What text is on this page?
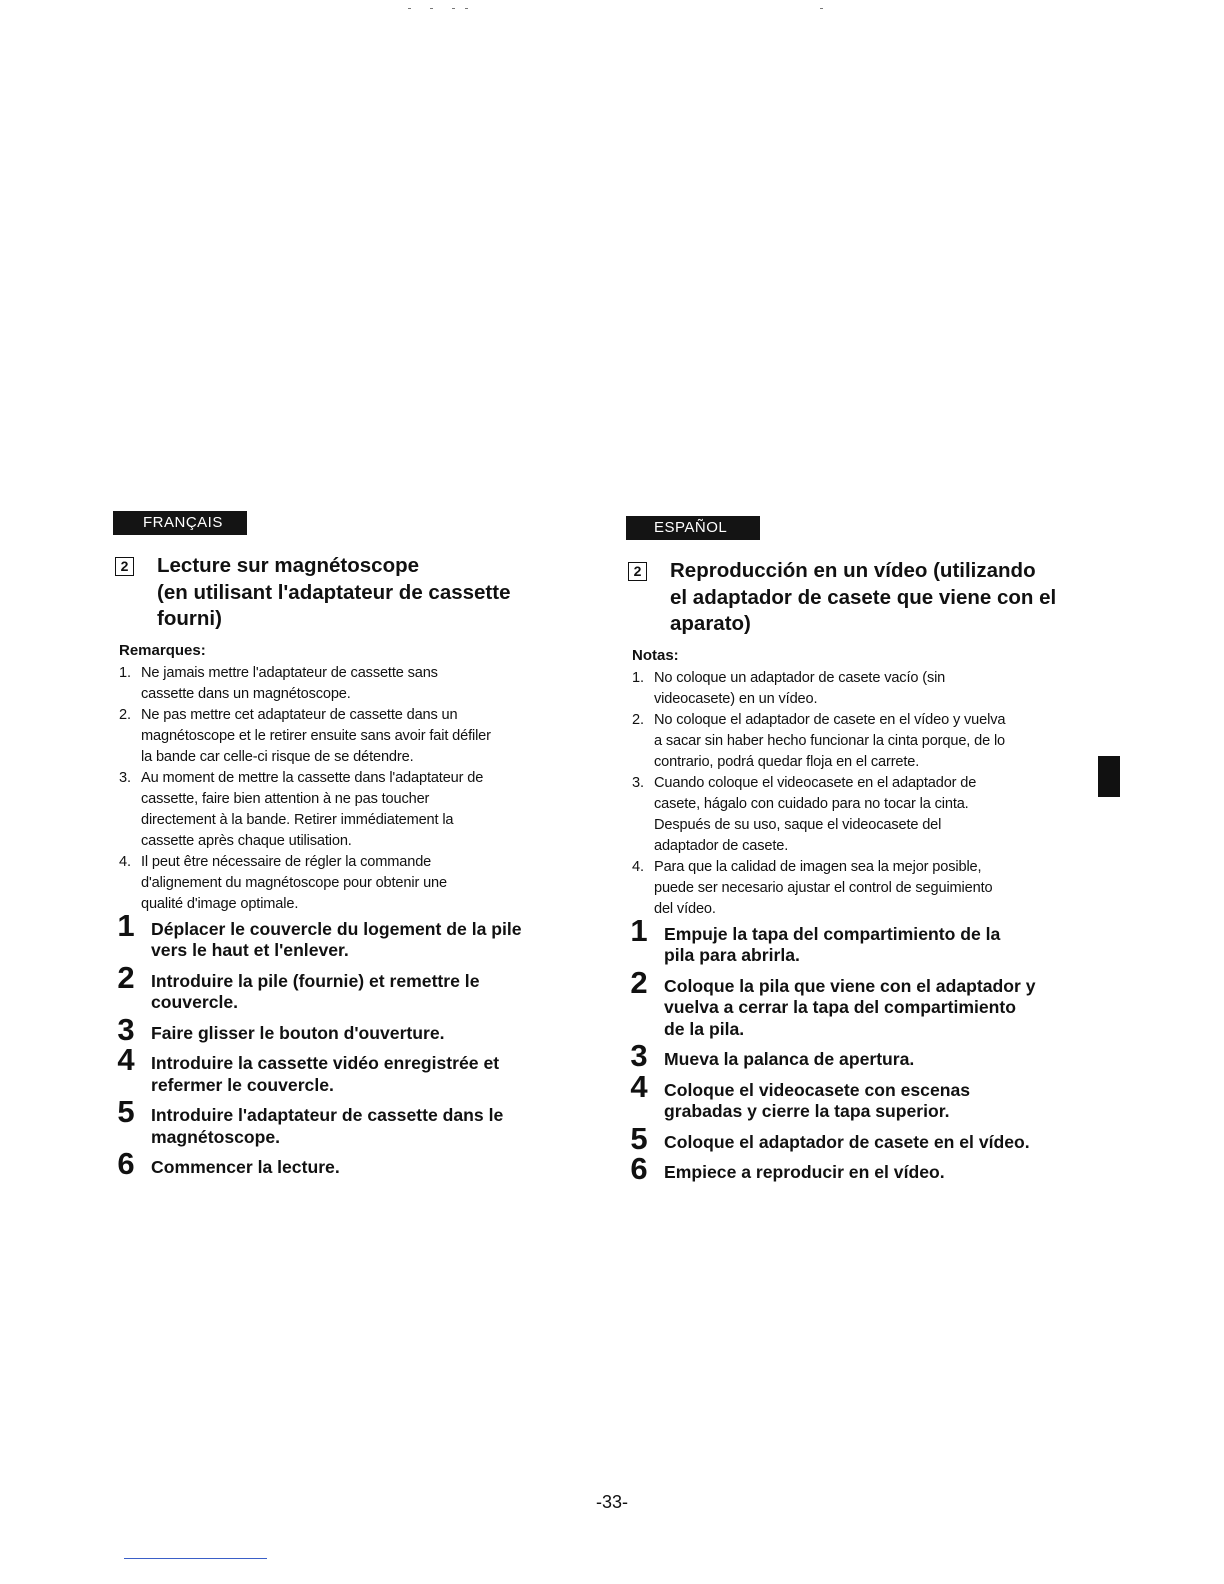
FRANÇAIS
2 Lecture sur magnétoscope
(en utilisant l'adaptateur de cassette
fourni)
Remarques:
1. Ne jamais mettre l'adaptateur de cassette sans
cassette dans un magnétoscope.
2. Ne pas mettre cet adaptateur de cassette dans un
magnétoscope et le retirer ensuite sans avoir fait défiler
la bande car celle-ci risque de se détendre.
3. Au moment de mettre la cassette dans l'adaptateur de
cassette, faire bien attention à ne pas toucher
directement à la bande. Retirer immédiatement la
cassette après chaque utilisation.
4. Il peut être nécessaire de régler la commande
d'alignement du magnétoscope pour obtenir une
qualité d'image optimale.
1 Déplacer le couvercle du logement de la pile
vers le haut et l'enlever.
2 Introduire la pile (fournie) et remettre le
couvercle.
3 Faire glisser le bouton d'ouverture.
4 Introduire la cassette vidéo enregistrée et
refermer le couvercle.
5 Introduire l'adaptateur de cassette dans le
magnétoscope.
6 Commencer la lecture.
ESPAÑOL
2 Reproducción en un vídeo (utilizando
el adaptador de casete que viene con el
aparato)
Notas:
1. No coloque un adaptador de casete vacío (sin
videocasete) en un vídeo.
2. No coloque el adaptador de casete en el vídeo y vuelva
a sacar sin haber hecho funcionar la cinta porque, de lo
contrario, podrá quedar floja en el carrete.
3. Cuando coloque el videocasete en el adaptador de
casete, hágalo con cuidado para no tocar la cinta.
Después de su uso, saque el videocasete del
adaptador de casete.
4. Para que la calidad de imagen sea la mejor posible,
puede ser necesario ajustar el control de seguimiento
del vídeo.
1 Empuje la tapa del compartimiento de la
pila para abrirla.
2 Coloque la pila que viene con el adaptador y
vuelva a cerrar la tapa del compartimiento
de la pila.
3 Mueva la palanca de apertura.
4 Coloque el videocasete con escenas
grabadas y cierre la tapa superior.
5 Coloque el adaptador de casete en el vídeo.
6 Empiece a reproducir en el vídeo.
-33-
